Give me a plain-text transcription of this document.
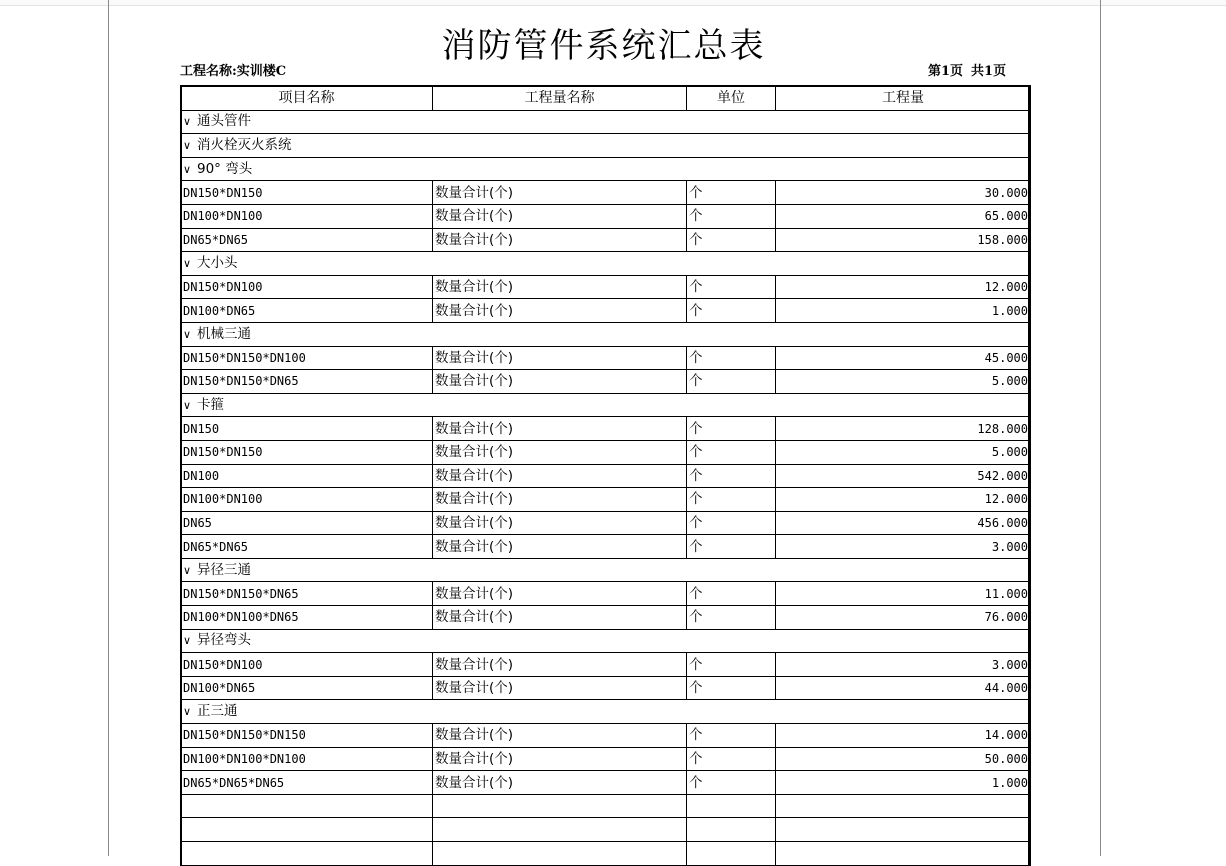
消防管件系统汇总表
工程名称:实训楼C	第1页 共1页
项目名称	工程量名称	单位	工程量
∨ 通头管件			
∨ 消火栓灭火系统			
∨ 90° 弯头			
DN150*DN150	数量合计(个)	个	30.000
DN100*DN100	数量合计(个)	个	65.000
DN65*DN65	数量合计(个)	个	158.000
∨ 大小头			
DN150*DN100	数量合计(个)	个	12.000
DN100*DN65	数量合计(个)	个	1.000
∨ 机械三通			
DN150*DN150*DN100	数量合计(个)	个	45.000
DN150*DN150*DN65	数量合计(个)	个	5.000
∨ 卡箍			
DN150	数量合计(个)	个	128.000
DN150*DN150	数量合计(个)	个	5.000
DN100	数量合计(个)	个	542.000
DN100*DN100	数量合计(个)	个	12.000
DN65	数量合计(个)	个	456.000
DN65*DN65	数量合计(个)	个	3.000
∨ 异径三通			
DN150*DN150*DN65	数量合计(个)	个	11.000
DN100*DN100*DN65	数量合计(个)	个	76.000
∨ 异径弯头			
DN150*DN100	数量合计(个)	个	3.000
DN100*DN65	数量合计(个)	个	44.000
∨ 正三通			
DN150*DN150*DN150	数量合计(个)	个	14.000
DN100*DN100*DN100	数量合计(个)	个	50.000
DN65*DN65*DN65	数量合计(个)	个	1.000
